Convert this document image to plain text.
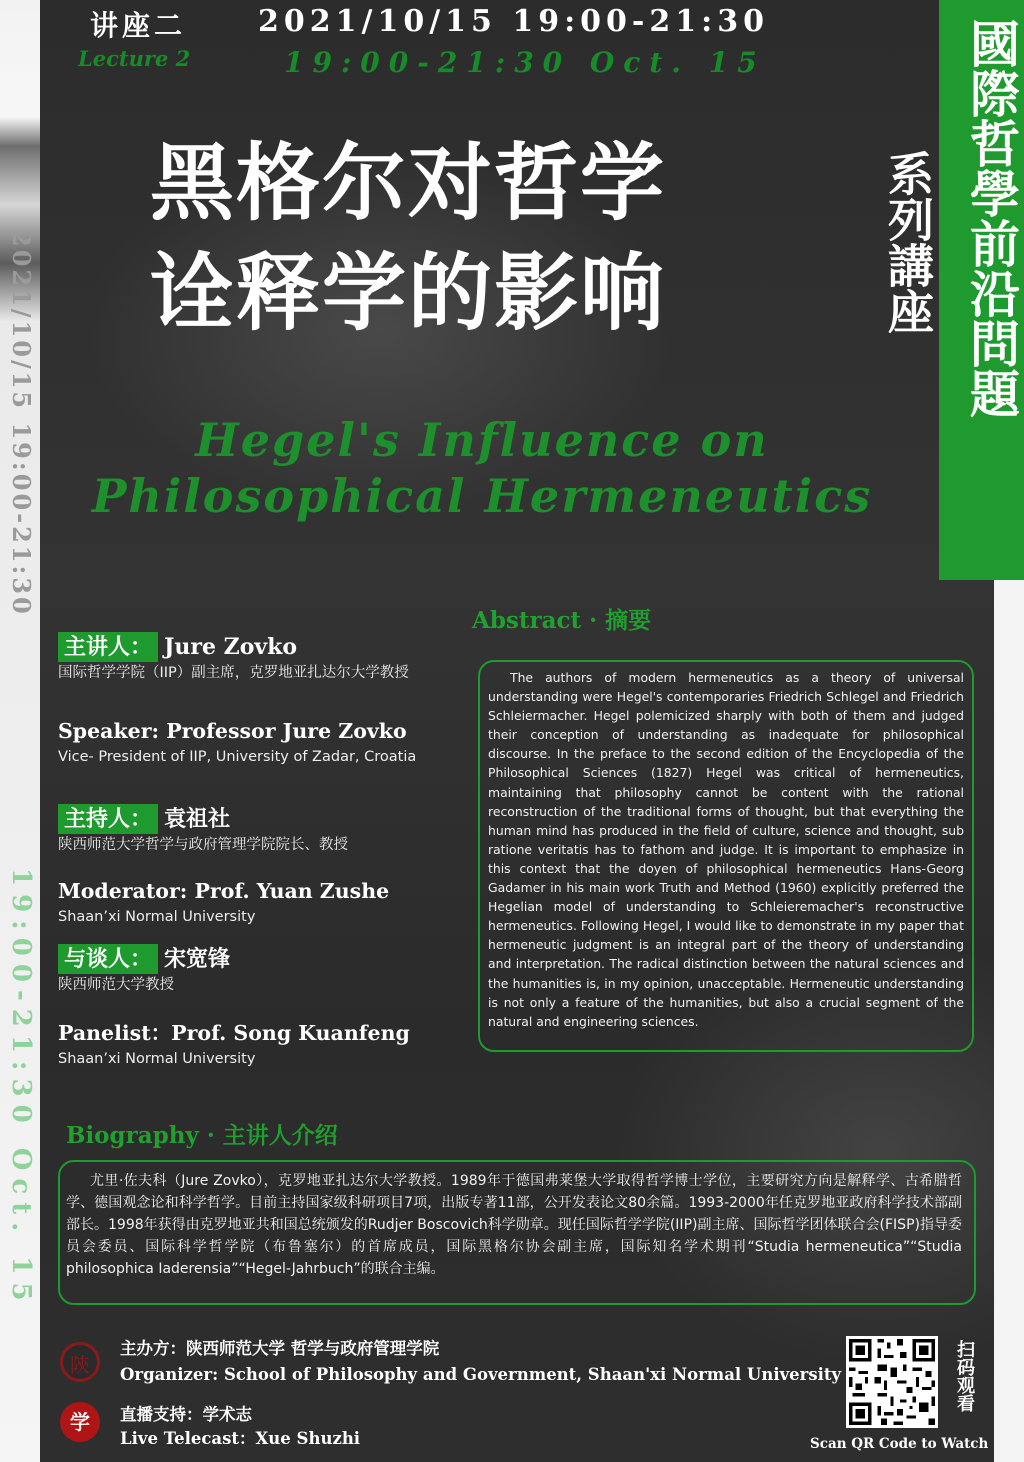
2021/10/15 19:00-21:30
19:00-21:30 Oct. 15
讲座二
Lecture 2
2021/10/15 19:00-21:30
19:00-21:30 Oct. 15	國際哲學前沿問題
系列講座
黑格尔对哲学
诠释学的影响
Hegel's Influence on
Philosophical Hermeneutics
主讲人： Jure Zovko
国际哲学学院（IIP）副主席，克罗地亚扎达尔大学教授
Speaker: Professor Jure Zovko
Vice- President of IIP, University of Zadar, Croatia
主持人： 袁祖社
陕西师范大学哲学与政府管理学院院长、教授
Moderator: Prof. Yuan Zushe
Shaan’xi Normal University
与谈人： 宋宽锋
陕西师范大学教授
Panelist：Prof. Song Kuanfeng
Shaan’xi Normal University
Abstract · 摘要
The authors of modern hermeneutics as a theory of universal understanding were Hegel's contemporaries Friedrich Schlegel and Friedrich Schleiermacher. Hegel polemicized sharply with both of them and judged their conception of understanding as inadequate for philosophical discourse. In the preface to the second edition of the Encyclopedia of the Philosophical Sciences (1827) Hegel was critical of hermeneutics, maintaining that philosophy cannot be content with the rational reconstruction of the traditional forms of thought, but that everything the human mind has produced in the field of culture, science and thought, sub ratione veritatis has to fathom and judge. It is important to emphasize in this context that the doyen of philosophical hermeneutics Hans-Georg Gadamer in his main work Truth and Method (1960) explicitly preferred the Hegelian model of understanding to Schleieremacher's reconstructive hermeneutics. Following Hegel, I would like to demonstrate in my paper that hermeneutic judgment is an integral part of the theory of understanding and interpretation. The radical distinction between the natural sciences and the humanities is, in my opinion, unacceptable. Hermeneutic understanding is not only a feature of the humanities, but also a crucial segment of the natural and engineering sciences.
Biography · 主讲人介绍
尤里·佐夫科（Jure Zovko），克罗地亚扎达尔大学教授。1989年于德国弗莱堡大学取得哲学博士学位，主要研究方向是解释学、古希腊哲学、德国观念论和科学哲学。目前主持国家级科研项目7项，出版专著11部，公开发表论文80余篇。1993-2000年任克罗地亚政府科学技术部副部长。1998年获得由克罗地亚共和国总统颁发的Rudjer Boscovich科学勋章。现任国际哲学学院(IIP)副主席、国际哲学团体联合会(FISP)指导委员会委员、国际科学哲学院（布鲁塞尔）的首席成员，国际黑格尔协会副主席，国际知名学术期刊“Studia hermeneutica”“Studia philosophica Iaderensia”“Hegel-Jahrbuch”的联合主编。
陝
主办方：陕西师范大学 哲学与政府管理学院
Organizer: School of Philosophy and Government, Shaan'xi Normal University
学	直播支持：学术志
Live Telecast：Xue Shuzhi
扫码观看
Scan QR Code to Watch
